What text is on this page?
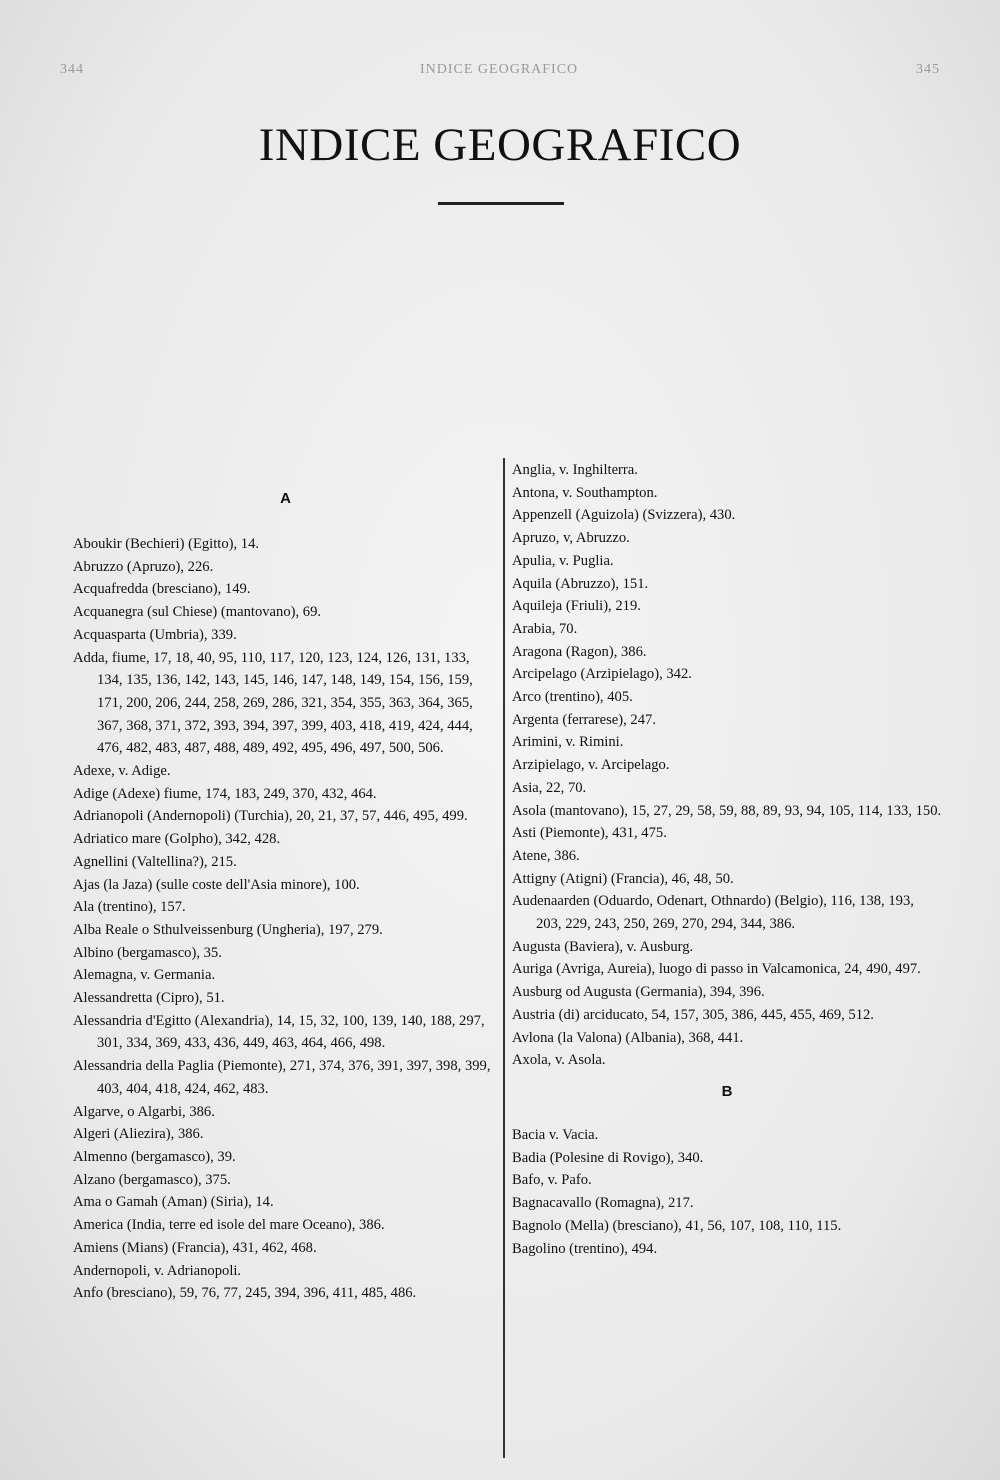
344	INDICE GEOGRAFICO	345
INDICE GEOGRAFICO
A

Aboukir (Bechieri) (Egitto), 14.

Abruzzo (Apruzo), 226.

Acquafredda (bresciano), 149.

Acquanegra (sul Chiese) (mantovano), 69.

Acquasparta (Umbria), 339.

Adda, fiume, 17, 18, 40, 95, 110, 117, 120, 123, 124, 126, 131, 133, 134, 135, 136, 142, 143, 145, 146, 147, 148, 149, 154, 156, 159, 171, 200, 206, 244, 258, 269, 286, 321, 354, 355, 363, 364, 365, 367, 368, 371, 372, 393, 394, 397, 399, 403, 418, 419, 424, 444, 476, 482, 483, 487, 488, 489, 492, 495, 496, 497, 500, 506.

Adexe, v. Adige.

Adige (Adexe) fiume, 174, 183, 249, 370, 432, 464.

Adrianopoli (Andernopoli) (Turchia), 20, 21, 37, 57, 446, 495, 499.

Adriatico mare (Golpho), 342, 428.

Agnellini (Valtellina?), 215.

Ajas (la Jaza) (sulle coste dell'Asia minore), 100.

Ala (trentino), 157.

Alba Reale o Sthulveissenburg (Ungheria), 197, 279.

Albino (bergamasco), 35.

Alemagna, v. Germania.

Alessandretta (Cipro), 51.

Alessandria d'Egitto (Alexandria), 14, 15, 32, 100, 139, 140, 188, 297, 301, 334, 369, 433, 436, 449, 463, 464, 466, 498.

Alessandria della Paglia (Piemonte), 271, 374, 376, 391, 397, 398, 399, 403, 404, 418, 424, 462, 483.

Algarve, o Algarbi, 386.

Algeri (Aliezira), 386.

Almenno (bergamasco), 39.

Alzano (bergamasco), 375.

Ama o Gamah (Aman) (Siria), 14.

America (India, terre ed isole del mare Oceano), 386.

Amiens (Mians) (Francia), 431, 462, 468.

Andernopoli, v. Adrianopoli.

Anfo (bresciano), 59, 76, 77, 245, 394, 396, 411, 485, 486.

Anglia, v. Inghilterra.

Antona, v. Southampton.

Appenzell (Aguizola) (Svizzera), 430.

Apruzo, v, Abruzzo.

Apulia, v. Puglia.

Aquila (Abruzzo), 151.

Aquileja (Friuli), 219.

Arabia, 70.

Aragona (Ragon), 386.

Arcipelago (Arzipielago), 342.

Arco (trentino), 405.

Argenta (ferrarese), 247.

Arimini, v. Rimini.

Arzipielago, v. Arcipelago.

Asia, 22, 70.

Asola (mantovano), 15, 27, 29, 58, 59, 88, 89, 93, 94, 105, 114, 133, 150.

Asti (Piemonte), 431, 475.

Atene, 386.

Attigny (Atigni) (Francia), 46, 48, 50.

Audenaarden (Oduardo, Odenart, Othnardo) (Belgio), 116, 138, 193, 203, 229, 243, 250, 269, 270, 294, 344, 386.

Augusta (Baviera), v. Ausburg.

Auriga (Avriga, Aureia), luogo di passo in Valcamonica, 24, 490, 497.

Ausburg od Augusta (Germania), 394, 396.

Austria (di) arciducato, 54, 157, 305, 386, 445, 455, 469, 512.

Avlona (la Valona) (Albania), 368, 441.

Axola, v. Asola.

B

Bacia v. Vacia.

Badia (Polesine di Rovigo), 340.

Bafo, v. Pafo.

Bagnacavallo (Romagna), 217.

Bagnolo (Mella) (bresciano), 41, 56, 107, 108, 110, 115.

Bagolino (trentino), 494.
